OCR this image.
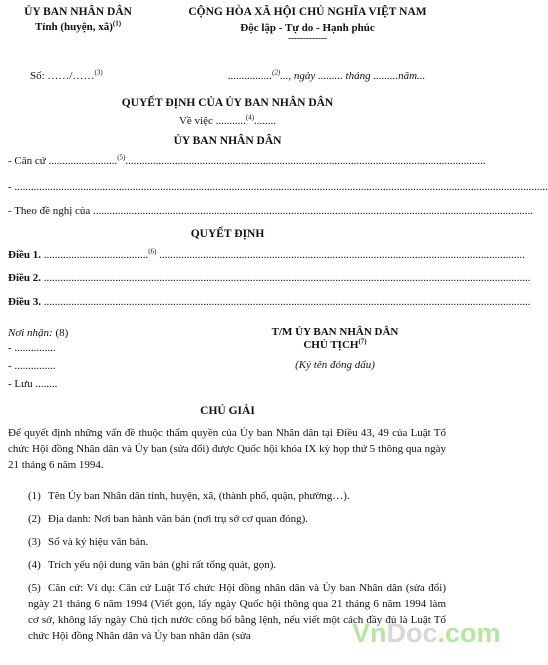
ỦY BAN NHÂN DÂN
Tỉnh (huyện, xã)$^{(1)}$
CỘNG HÒA XÃ HỘI CHỦ NGHĨA VIỆT NAM
Độc lập - Tự do - Hạnh phúc
-------------
Số: ……/……$^{(3)}$	................$^{(2)}$..., ngày ......... tháng .........năm...
QUYẾT ĐỊNH CỦA ỦY BAN NHÂN DÂN
Về việc ...........$^{(4)}$........
ỦY BAN NHÂN DÂN
- Căn cứ .........................$^{(5)}$...................................................................................................................................
- ..................................................................................................................................................................................................
- Theo đề nghị của ................................................................................................................................................................
QUYẾT ĐỊNH
Điều 1. ......................................$^{(6)}$ .....................................................................................................................................
Điều 2. .................................................................................................................................................................................
Điều 3. .................................................................................................................................................................................
Nơi nhận: (8)
- ...............
- ...............
- Lưu ........
T/M ỦY BAN NHÂN DÂN
CHỦ TỊCH$^{(7)}$
(Ký tên đóng dấu)
CHÚ GIẢI
Để quyết định những vấn đề thuộc thẩm quyền của Ủy ban Nhân dân tại Điều 43, 49 của Luật Tổ chức Hội đồng Nhân dân và Ủy ban (sửa đổi) được Quốc hội khóa IX kỳ họp thứ 5 thông qua ngày 21 tháng 6 năm 1994.
(1) Tên Ủy ban Nhân dân tỉnh, huyện, xã, (thành phố, quận, phường…).
(2) Địa danh: Nơi ban hành văn bản (nơi trụ sở cơ quan đóng).
(3) Số và ký hiệu văn bản.
(4) Trích yếu nội dung văn bản (ghi rất tổng quát, gọn).
(5) Căn cứ: Ví dụ: Căn cứ Luật Tổ chức Hội đồng nhân dân và Ủy ban Nhân dân (sửa đổi) ngày 21 tháng 6 năm 1994 (Viết gọn, lấy ngày Quốc hội thông qua 21 tháng 6 năm 1994 làm cơ sở, không lấy ngày Chủ tịch nước công bố bằng lệnh, nếu viết một cách đầy đủ là Luật Tổ chức Hội đồng Nhân dân và Ủy ban nhân dân (sửa	VnDoc.com
